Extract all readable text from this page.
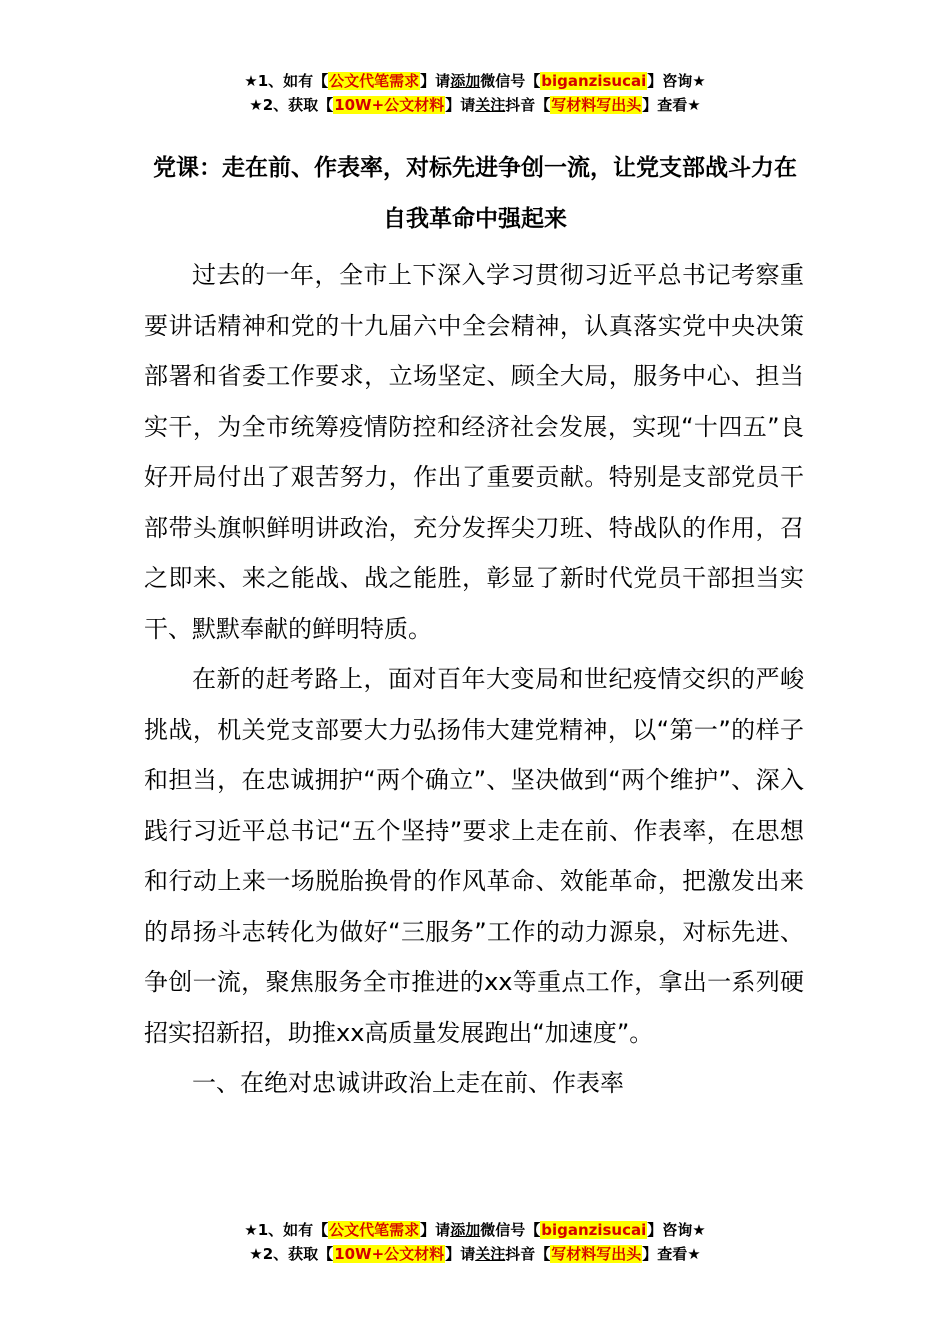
★1、如有【公文代笔需求】请添加微信号【biganzisucai】咨询★
★2、获取【10W+公文材料】请关注抖音【写材料写出头】查看★
党课：走在前、作表率，对标先进争创一流，让党支部战斗力在自我革命中强起来

过去的一年，全市上下深入学习贯彻习近平总书记考察重要讲话精神和党的十九届六中全会精神，认真落实党中央决策部署和省委工作要求，立场坚定、顾全大局，服务中心、担当实干，为全市统筹疫情防控和经济社会发展，实现“十四五”良好开局付出了艰苦努力，作出了重要贡献。特别是支部党员干部带头旗帜鲜明讲政治，充分发挥尖刀班、特战队的作用，召之即来、来之能战、战之能胜，彰显了新时代党员干部担当实干、默默奉献的鲜明特质。

在新的赶考路上，面对百年大变局和世纪疫情交织的严峻挑战，机关党支部要大力弘扬伟大建党精神，以“第一”的样子和担当，在忠诚拥护“两个确立”、坚决做到“两个维护”、深入践行习近平总书记“五个坚持”要求上走在前、作表率，在思想和行动上来一场脱胎换骨的作风革命、效能革命，把激发出来的昂扬斗志转化为做好“三服务”工作的动力源泉，对标先进、争创一流，聚焦服务全市推进的xx等重点工作，拿出一系列硬招实招新招，助推xx高质量发展跑出“加速度”。

一、在绝对忠诚讲政治上走在前、作表率

★1、如有【公文代笔需求】请添加微信号【biganzisucai】咨询★
★2、获取【10W+公文材料】请关注抖音【写材料写出头】查看★
